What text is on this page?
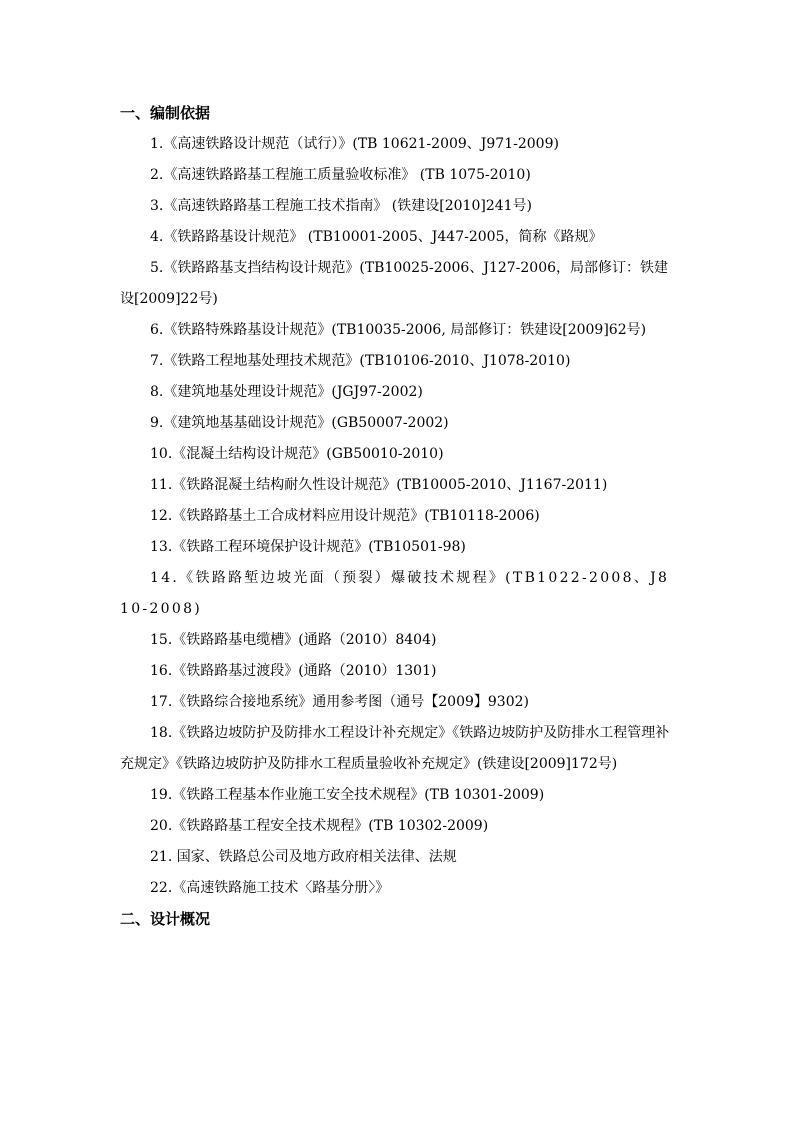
一、编制依据
1.《高速铁路设计规范（试行）》(TB 10621-2009、J971-2009)
2.《高速铁路路基工程施工质量验收标准》 (TB 1075-2010)
3.《高速铁路路基工程施工技术指南》 (铁建设[2010]241号)
4.《铁路路基设计规范》 (TB10001-2005、J447-2005，简称《路规》
5.《铁路路基支挡结构设计规范》(TB10025-2006、J127-2006，局部修订：铁建设[2009]22号)
6.《铁路特殊路基设计规范》(TB10035-2006, 局部修订：铁建设[2009]62号)
7.《铁路工程地基处理技术规范》(TB10106-2010、J1078-2010)
8.《建筑地基处理设计规范》(JGJ97-2002)
9.《建筑地基基础设计规范》(GB50007-2002)
10.《混凝土结构设计规范》(GB50010-2010)
11.《铁路混凝土结构耐久性设计规范》(TB10005-2010、J1167-2011)
12.《铁路路基土工合成材料应用设计规范》(TB10118-2006)
13.《铁路工程环境保护设计规范》(TB10501-98)
14.《铁路路堑边坡光面（预裂）爆破技术规程》(TB1022-2008、J810-2008)
15.《铁路路基电缆槽》(通路（2010）8404)
16.《铁路路基过渡段》(通路（2010）1301)
17.《铁路综合接地系统》通用参考图（通号【2009】9302)
18.《铁路边坡防护及防排水工程设计补充规定》《铁路边坡防护及防排水工程管理补充规定》《铁路边坡防护及防排水工程质量验收补充规定》(铁建设[2009]172号)
19.《铁路工程基本作业施工安全技术规程》(TB 10301-2009)
20.《铁路路基工程安全技术规程》(TB 10302-2009)
21. 国家、铁路总公司及地方政府相关法律、法规
22.《高速铁路施工技术〈路基分册〉》
二、设计概况
